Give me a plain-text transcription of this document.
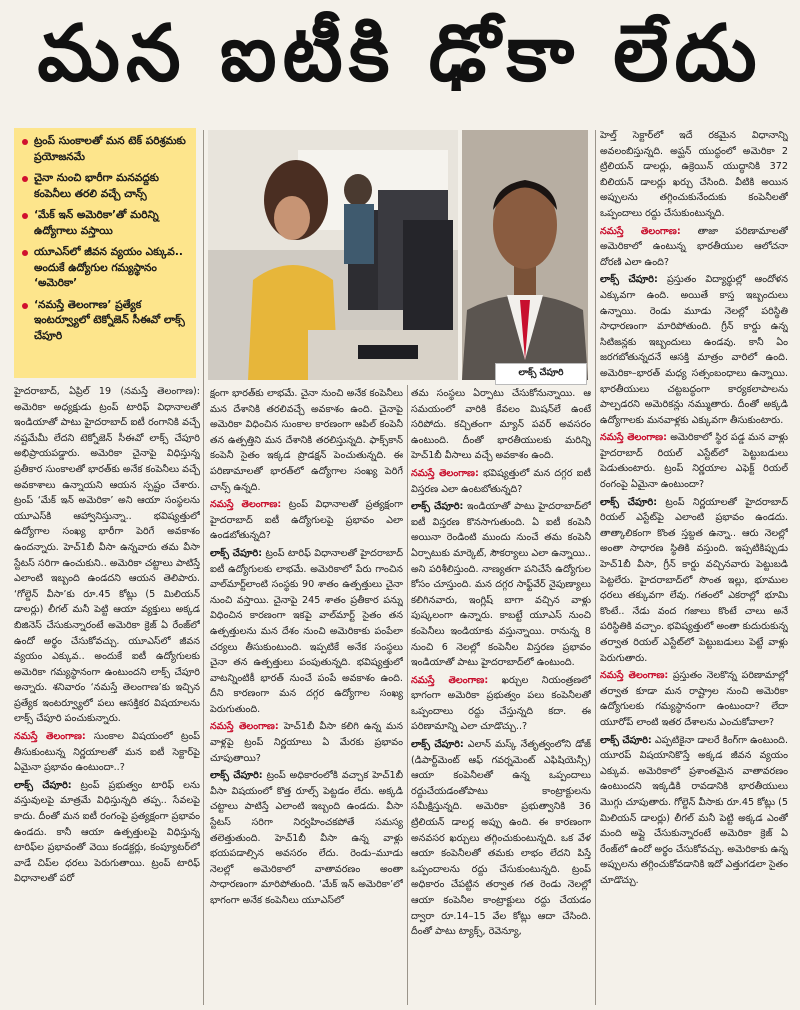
మన ఐటీకి ఢోకా లేదు
ట్రంప్ సుంకాలతో మన టెక్ పరిశ్రమకు ప్రయోజనమే
చైనా నుంచి భారీగా మనవద్దకు కంపెనీలు తరలి వచ్చే చాన్స్
‘మేక్ ఇన్ అమెరికా’తో మరిన్ని ఉద్యోగాలు వస్తాయి
యూఎస్‌లో జీవన వ్యయం ఎక్కువ.. అందుకే ఉద్యోగుల గమ్యస్థానం ‘అమెరికా’
‘నమస్తే తెలంగాణ’ ప్రత్యేక ఇంటర్వ్యూలో టెక్నోజెన్ సీఈవో లాక్స్ చేపూరి
లాక్స్ చేపూరి

హైదరాబాద్, ఏప్రిల్ 19 (నమస్తే తెలంగాణ): అమెరికా అధ్యక్షుడు ట్రంప్ టారిఫ్ విధానాలతో ఇండియాతో పాటు హైదరాబాద్ ఐటీ రంగానికి వచ్చే నష్టమేమీ లేదని టెక్నోజెన్ సీఈవో లాక్స్ చేపూరి అభిప్రాయపడ్డారు. అమెరికా చైనాపై విధిస్తున్న ప్రతీకార సుంకాలతో భారత్‌కు అనేక కంపెనీలు వచ్చే అవకాశాలు ఉన్నాయని ఆయన స్పష్టం చేశారు. ట్రంప్ ‘మేక్ ఇన్ అమెరికా’ అని ఆయా సంస్థలను యూఎస్‌కి ఆహ్వానిస్తున్నా.. భవిష్యత్తులో ఉద్యోగాల సంఖ్య భారీగా పెరిగే అవకాశం ఉందన్నారు. హెచ్1బీ వీసా ఉన్నవారు తమ వీసా స్టేటస్ సరిగా ఉంచుకుని.. అమెరికా చట్టాలు పాటిస్తే ఎలాంటి ఇబ్బంది ఉండదని ఆయన తెలిపారు. ‘గోల్డెన్ వీసా’కు రూ.45 కోట్లు (5 మిలియన్ డాలర్లు) లీగల్ మనీ పెట్టి ఆయా వ్యక్తులు అక్కడ బిజినెస్ చేసుకున్నారంటే అమెరికా క్రెజ్ ఏ రేంజ్‌లో ఉందో అర్థం చేసుకోవచ్చు. యూఎస్‌లో జీవన వ్యయం ఎక్కువ.. అందుకే ఐటీ ఉద్యోగులకు అమెరికా గమ్యస్థానంగా ఉంటుందని లాక్స్ చేపూరి అన్నారు. శనివారం ‘నమస్తే తెలంగాణ’కు ఇచ్చిన ప్రత్యేక ఇంటర్వ్యూలో పలు ఆసక్తికర విషయాలను లాక్స్ చేపూరి పంచుకున్నారు.

నమస్తే తెలంగాణ: సుంకాల విషయంలో ట్రంప్ తీసుకుంటున్న నిర్ణయాలతో మన ఐటీ సెక్టార్‌పై ఏమైనా ప్రభావం ఉంటుందా..?

లాక్స్ చేపూరి: ట్రంప్ ప్రభుత్వం టారిఫ్ లను వస్తువులపై మాత్రమే విధిస్తున్నది తప్ప.. సేవలపై కాదు. దీంతో మన ఐటీ రంగంపై ప్రత్యక్షంగా ప్రభావం ఉండదు. కానీ ఆయా ఉత్పత్తులపై విధిస్తున్న టారిఫ్‌ల ప్రభావంతో వెయి కండక్టర్లు, కంప్యూటర్‌లో వాడే చిప్‌ల ధరలు పెరుగుతాయి. ట్రంప్ టారిఫ్ విధానాలతో పరో

క్షంగా భారత్‌కు లాభమే. చైనా నుంచి అనేక కంపెనీలు మన దేశానికి తరలివచ్చే అవకాశం ఉంది. చైనాపై అమెరికా విధించిన సుంకాల కారణంగా ఆపిల్ కంపెనీ తన ఉత్పత్తిని మన దేశానికి తరలిస్తున్నది. ఫాక్స్‌కాన్ కంపెనీ సైతం ఇక్కడ ప్రొడక్షన్ పెంచుతున్నది. ఈ పరిణామాలతో భారత్‌లో ఉద్యోగాల సంఖ్య పెరిగే చాన్స్ ఉన్నది.

నమస్తే తెలంగాణ: ట్రంప్ విధానాలతో ప్రత్యక్షంగా హైదరాబాద్ ఐటీ ఉద్యోగులపై ప్రభావం ఎలా ఉండబోతున్నది?

లాక్స్ చేపూరి: ట్రంప్ టారిఫ్ విధానాలతో హైదరాబాద్ ఐటీ ఉద్యోగులకు లాభమే. అమెరికాలో పేరు గాంచిన వాల్‌మార్ట్‌లాంటి సంస్థకు 90 శాతం ఉత్పత్తులు చైనా నుంచి వస్తాయి. చైనాపై 245 శాతం ప్రతీకార పన్ను విధించిన కారణంగా ఇకపై వాల్‌మార్ట్ సైతం తన ఉత్పత్తులను మన దేశం నుంచి అమెరికాకు పంపేలా చర్యలు తీసుకుంటుంది. ఇప్పటికే అనేక సంస్థలు చైనా తన ఉత్పత్తులు పంపుతున్నది. భవిష్యత్తులో వాటన్నింటికీ భారత్ నుంచే పంపే అవకాశం ఉంది. దీని కారణంగా మన దగ్గర ఉద్యోగాల సంఖ్య పెరుగుతుంది.

నమస్తే తెలంగాణ: హెచ్1బీ వీసా కలిగి ఉన్న మన వాళ్లపై ట్రంప్ నిర్ణయాలు ఏ మేరకు ప్రభావం చూపుతాయి?

లాక్స్ చేపూరి: ట్రంప్ అధికారంలోకి వచ్చాక హెచ్1బీ వీసా విషయంలో కొత్త రూల్స్ పెట్టడం లేదు. అక్కడి చట్టాలు పాటిస్తే ఎలాంటి ఇబ్బంది ఉండదు. వీసా స్టేటస్ సరిగా నిర్వహించకపోతే సమస్య తలెత్తుతుంది. హెచ్1బీ వీసా ఉన్న వాళ్లు భయపడాల్సిన అవసరం లేదు. రెండు–మూడు నెలల్లో అమెరికాలో వాతావరణం అంతా సాధారణంగా మారిపోతుంది. ‘మేక్ ఇన్ అమెరికా’లో భాగంగా అనేక కంపెనీలు యూఎస్‌లో

తమ సంస్థలు ఏర్పాటు చేసుకోనున్నాయి. ఆ సమయంలో వారికి కేవలం మిషన్‌లే ఉంటే సరిపోదు. కచ్చితంగా మ్యాన్ పవర్ అవసరం ఉంటుంది. దీంతో భారతీయులకు మరిన్ని హెచ్1బీ వీసాలు వచ్చే అవకాశం ఉంది.

నమస్తే తెలంగాణ: భవిష్యత్తులో మన దగ్గర ఐటీ విస్తరణ ఎలా ఉంటబోతున్నది?

లాక్స్ చేపూరి: ఇండియాతో పాటు హైదరాబాద్‌లో ఐటీ విస్తరణ కొనసాగుతుంది. ఏ ఐటీ కంపెనీ అయినా రెండింటి ముందు నుంచే తమ కంపెనీ ఏర్పాటుకు మార్కెట్, సౌకర్యాలు ఎలా ఉన్నాయి.. అని పరిశీలిస్తుంది. నాణ్యతగా పనిచేసే ఉద్యోగుల కోసం చూస్తుంది. మన దగ్గర సాఫ్ట్‌వేర్ నైపుణ్యాలు కలిగినవారు, ఇంగ్లిష్ బాగా వచ్చిన వాళ్లు పుష్కలంగా ఉన్నారు. కాబట్టే యూఎస్ నుంచి కంపెనీలు ఇండియాకు వస్తున్నాయి. రానున్న 8 నుంచి 6 నెలల్లో కంపెనీల విస్తరణ ప్రభావం ఇండియాతో పాటు హైదరాబాద్‌లో ఉంటుంది.

నమస్తే తెలంగాణ: ఖర్చుల నియంత్రణలో భాగంగా అమెరికా ప్రభుత్వం పలు కంపెనీలతో ఒప్పందాలు రద్దు చేస్తున్నది కదా. ఈ పరిణామాన్ని ఎలా చూడొచ్చు..?

లాక్స్ చేపూరి: ఎలాన్ మస్క్ నేతృత్వంలోని డోజ్ (డిపార్ట్‌మెంట్ ఆఫ్ గవర్నమెంట్ ఎఫిషియెన్సీ) ఆయా కంపెనీలతో ఉన్న ఒప్పందాలు రద్దుచేయడంతోపాటు కాంట్రాక్టులను సమీక్షిస్తున్నది. అమెరికా ప్రభుత్వానికి 36 ట్రిలియన్ డాలర్ల అప్పు ఉంది. ఈ కారణంగా అనవసర ఖర్చులు తగ్గించుకుంటున్నది. ఒక వేళ ఆయా కంపెనీలతో తమకు లాభం లేదని పిస్తే ఒప్పందాలను రద్దు చేసుకుంటున్నది. ట్రంప్ అధికారం చేపట్టిన తర్వాత గత రెండు నెలల్లో ఆయా కంపెనీల కాంట్రాక్టులు రద్దు చేయడం ద్వారా రూ.14–15 వేల కోట్లు ఆదా చేసింది. దీంతో పాటు ట్యాక్స్, రెవెన్యూ,

హెల్త్ సెక్టార్‌లో ఇదే రకమైన విధానాన్ని అవలంబిస్తున్నది. అప్ఘన్ యుద్ధంలో అమెరికా 2 ట్రిలియన్ డాలర్లు, ఉక్రెయిన్ యుద్ధానికి 372 బిలియన్ డాలర్లు ఖర్చు చేసింది. వీటికి అయిన అప్పులను తగ్గించుకునేందుకు కంపెనీలతో ఒప్పందాలు రద్దు చేసుకుంటున్నది.

నమస్తే తెలంగాణ: తాజా పరిణామాలతో అమెరికాలో ఉంటున్న భారతీయుల ఆలోచనా దోరణి ఎలా ఉంది?

లాక్స్ చేపూరి: ప్రస్తుతం విద్యార్థుల్లో ఆందోళన ఎక్కువగా ఉంది. అయితే కాస్త ఇబ్బందులు ఉన్నాయి. రెండు మూడు నెలల్లో పరిస్థితి సాధారణంగా మారిపోతుంది. గ్రీన్ కార్డు ఉన్న సిటిజన్లకు ఇబ్బందులు ఉండవు. కానీ ఏం జరగబోతున్నదనే ఆసక్తి మాత్రం వారిలో ఉంది. అమెరికా–భారత్ మధ్య సత్సంబంధాలు ఉన్నాయి. భారతీయులు చట్టబద్ధంగా కార్యకలాపాలను పాల్పడరని అమెరికన్లు నమ్ముతారు. దీంతో అక్కడి ఉద్యోగాలకు మనవాళ్లకు ఎక్కువగా తీసుకుంటారు.

నమస్తే తెలంగాణ: అమెరికాలో స్థిర పడ్డ మన వాళ్లు హైదరాబాద్ రియల్ ఎస్టేట్‌లో పెట్టుబడులు పెడుతుంటారు. ట్రంప్ నిర్ణయాల ఎఫెక్ట్ రియల్ రంగంపై ఏమైనా ఉంటుందా?

లాక్స్ చేపూరి: ట్రంప్ నిర్ణయాలతో హైదరాబాద్ రియల్ ఎస్టేట్‌పై ఎలాంటి ప్రభావం ఉండదు. తాత్కాలికంగా కొంత స్తబ్దత ఉన్నా.. ఆరు నెలల్లో అంతా సాధారణ స్థితికి వస్తుంది. ఇప్పటికిప్పుడు హెచ్1బీ వీసా, గ్రీన్ కార్డు వచ్చినవారు పెట్టుబడి పెట్టలేరు. హైదరాబాద్‌లో సొంత ఇల్లు, భూముల ధరలు తక్కువగా లేవు. గతంలో ఎకరాల్లో భూమి కొంటే.. నేడు వంద గజాలు కొంటే చాలు అనే పరిస్థితికి వచ్చాం. భవిష్యత్తులో అంతా కుదురుకున్న తర్వాత రియల్ ఎస్టేట్‌లో పెట్టుబడులు పెట్టే వాళ్లు పెరుగుతారు.

నమస్తే తెలంగాణ: ప్రస్తుతం నెలకొన్న పరిణామాల్లో తర్వాత కూడా మన రాష్ట్రాల నుంచి అమెరికా ఉద్యోగులకు గమ్యస్థానంగా ఉంటుందా? లేదా యూరోప్ లాంటి ఇతర దేశాలను ఎంచుకోవాలా?

లాక్స్ చేపూరి: ఎప్పటికైనా డాలరే కింగ్‌గా ఉంటుంది. యూరప్ విషయానికొస్తే అక్కడ జీవన వ్యయం ఎక్కువ. అమెరికాలో ప్రశాంతమైన వాతావరణం ఉంటుందని ఇక్కడికి రావడానికి భారతీయులు మొగ్గు చూపుతారు. గోల్డెన్ వీసాకు రూ.45 కోట్లు (5 మిలియన్ డాలర్లు) లీగల్ మనీ పెట్టి అక్కడ ఎంతో మంది అప్లై చేసుకున్నారంటే అమెరికా క్రెజ్ ఏ రేంజ్‌లో ఉందో అర్థం చేసుకోవచ్చు. అమెరికాకు ఉన్న అప్పులను తగ్గించుకోవడానికి ఇదో ఎత్తుగడలా సైతం చూడొచ్చు.
